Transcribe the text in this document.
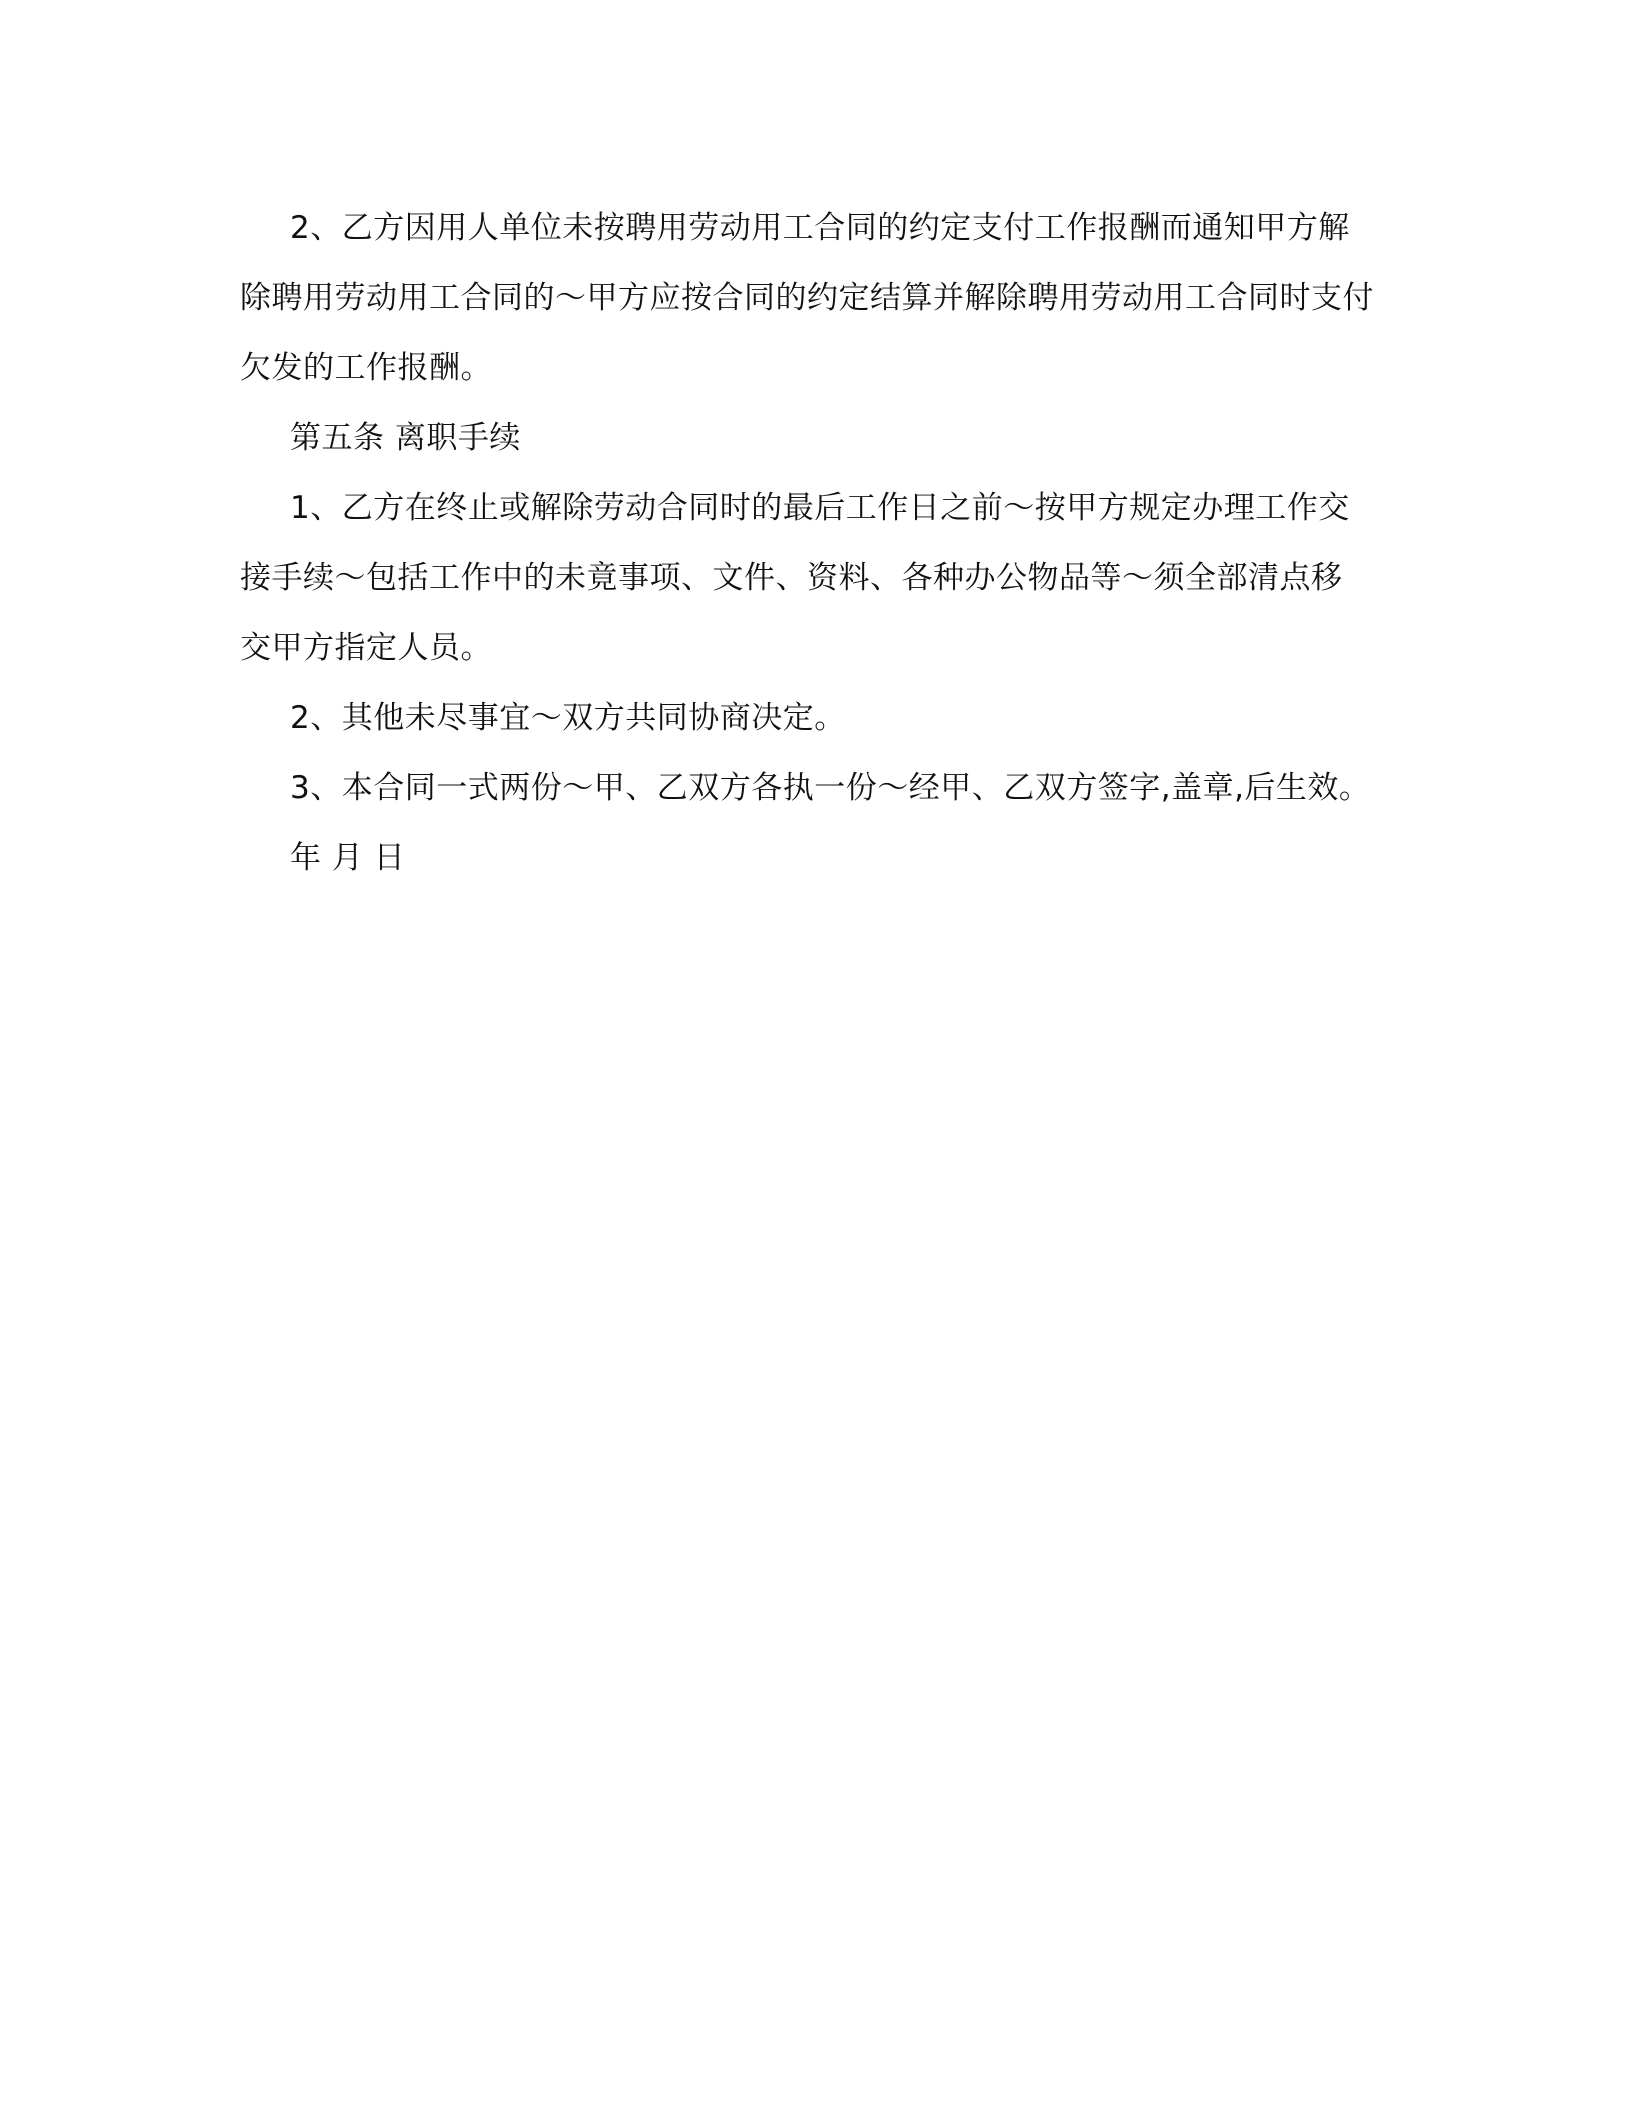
2、乙方因用人单位未按聘用劳动用工合同的约定支付工作报酬而通知甲方解
除聘用劳动用工合同的～甲方应按合同的约定结算并解除聘用劳动用工合同时支付
欠发的工作报酬。
第五条 离职手续
1、乙方在终止或解除劳动合同时的最后工作日之前～按甲方规定办理工作交
接手续～包括工作中的未竟事项、文件、资料、各种办公物品等～须全部清点移
交甲方指定人员。
2、其他未尽事宜～双方共同协商决定。
3、本合同一式两份～甲、乙双方各执一份～经甲、乙双方签字,盖章,后生效。
年 月 日
